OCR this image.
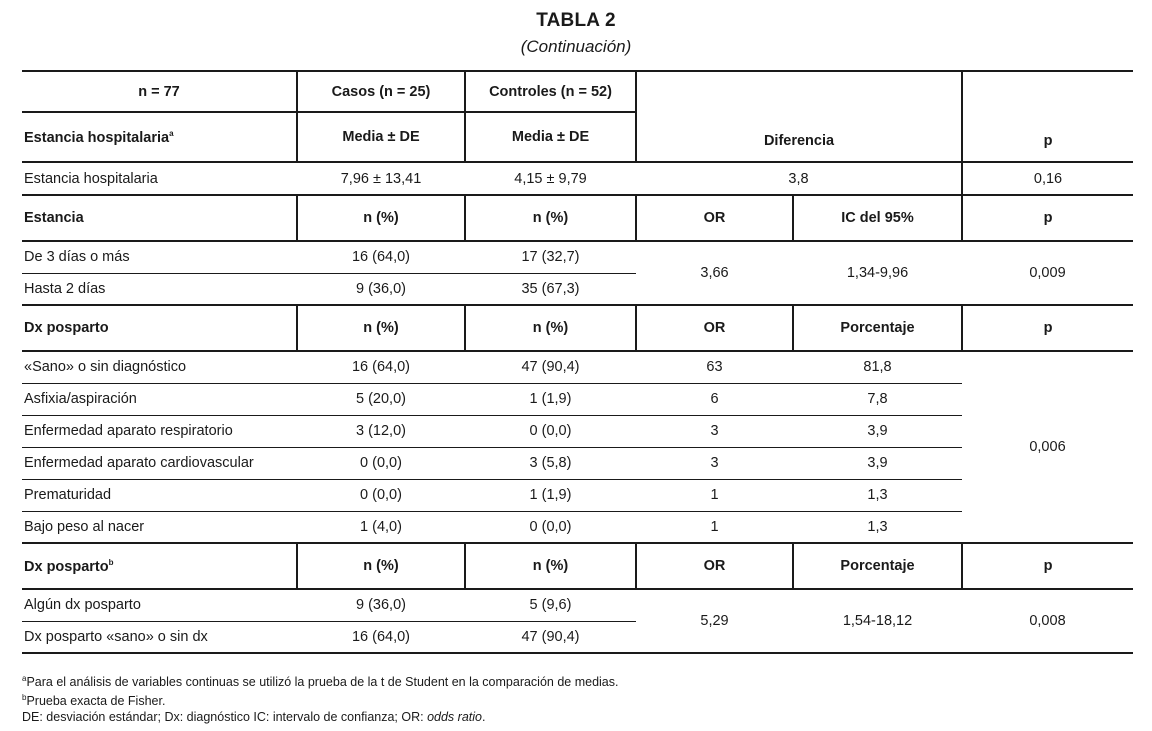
TABLA 2
(Continuación)
n = 77	Casos (n = 25)	Controles (n = 52)	Diferencia		p
Estancia hospitalaria$^a$	Media ± DE	Media ± DE			
Estancia hospitalaria	7,96 ± 13,41	4,15 ± 9,79	3,8		0,16
Estancia	n (%)	n (%)	OR	IC del 95%	p
De 3 días o más	16 (64,0)	17 (32,7)	3,66	1,34-9,96	0,009
Hasta 2 días	9 (36,0)	35 (67,3)			
Dx posparto	n (%)	n (%)	OR	Porcentaje	p
«Sano» o sin diagnóstico	16 (64,0)	47 (90,4)	63	81,8	0,006
Asfixia/aspiración	5 (20,0)	1 (1,9)	6	7,8	
Enfermedad aparato respiratorio	3 (12,0)	0 (0,0)	3	3,9	
Enfermedad aparato cardiovascular	0 (0,0)	3 (5,8)	3	3,9	
Prematuridad	0 (0,0)	1 (1,9)	1	1,3	
Bajo peso al nacer	1 (4,0)	0 (0,0)	1	1,3	
Dx posparto$^b$	n (%)	n (%)	OR	Porcentaje	p
Algún dx posparto	9 (36,0)	5 (9,6)	5,29	1,54-18,12	0,008
Dx posparto «sano» o sin dx	16 (64,0)	47 (90,4)			
$^a$Para el análisis de variables continuas se utilizó la prueba de la t de Student en la comparación de medias.
$^b$Prueba exacta de Fisher.
DE: desviación estándar; Dx: diagnóstico IC: intervalo de confianza; OR: odds ratio.
